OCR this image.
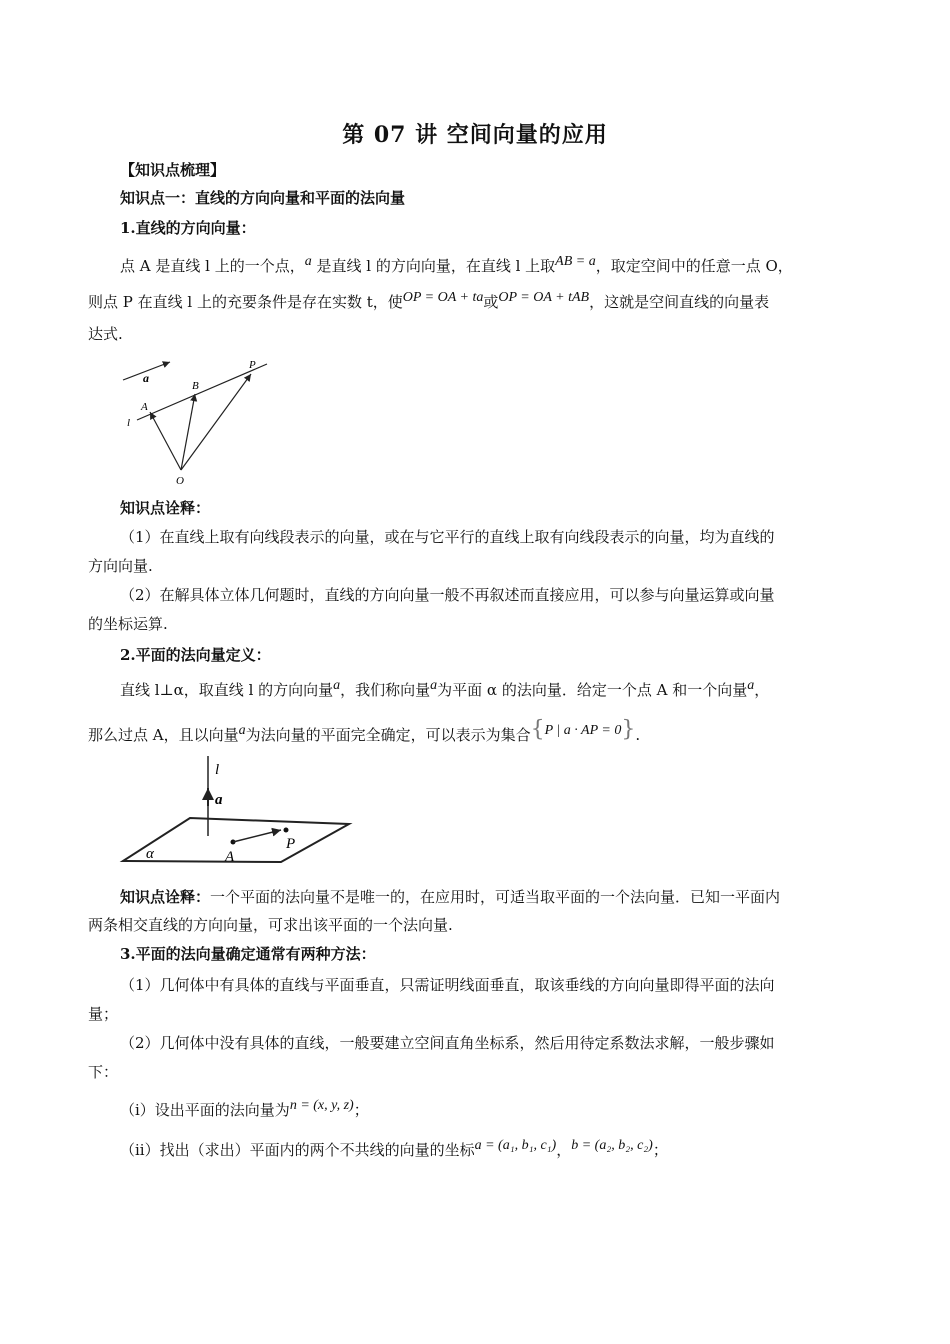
第 07 讲 空间向量的应用
【知识点梳理】
知识点一：直线的方向向量和平面的法向量
1.直线的方向向量：
点 A 是直线 l 上的一个点，a 是直线 l 的方向向量，在直线 l 上取AB = a，取定空间中的任意一点 O，
则点 P 在直线 l 上的充要条件是存在实数 t，使OP = OA + ta或OP = OA + tAB，这就是空间直线的向量表
达式.
a
P
B
A
l
O
知识点诠释：
（1）在直线上取有向线段表示的向量，或在与它平行的直线上取有向线段表示的向量，均为直线的
方向向量.
（2）在解具体立体几何题时，直线的方向向量一般不再叙述而直接应用，可以参与向量运算或向量
的坐标运算.
2.平面的法向量定义：
直线 l⊥α，取直线 l 的方向向量a，我们称向量a为平面 α 的法向量．给定一个点 A 和一个向量a，
那么过点 A，且以向量a为法向量的平面完全确定，可以表示为集合{P | a · AP = 0}.
l
a
α	A
P
知识点诠释：一个平面的法向量不是唯一的，在应用时，可适当取平面的一个法向量．已知一平面内
两条相交直线的方向向量，可求出该平面的一个法向量.
3.平面的法向量确定通常有两种方法：
（1）几何体中有具体的直线与平面垂直，只需证明线面垂直，取该垂线的方向向量即得平面的法向
量；
（2）几何体中没有具体的直线，一般要建立空间直角坐标系，然后用待定系数法求解，一般步骤如
下：
（i）设出平面的法向量为n = (x, y, z)；
（ii）找出（求出）平面内的两个不共线的向量的坐标a = (a₁, b₁, c₁)，b = (a₂, b₂, c₂)；
